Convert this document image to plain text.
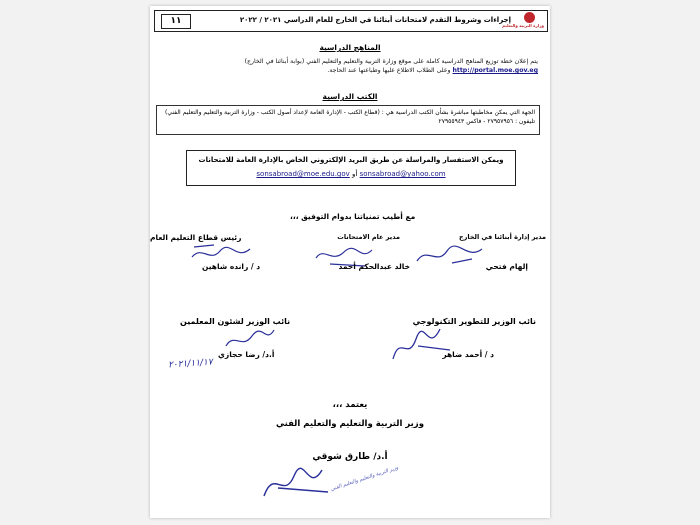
١١	إجراءات وشروط التقدم لامتحانات أبنائنا في الخارج للعام الدراسي ٢٠٢١ / ٢٠٢٢
وزارة التربية والتعليم
المناهج الدراسية
يتم إعلان خطة توزيع المناهج الدراسية كاملة على موقع وزارة التربية والتعليم والتعليم الفني (بوابة أبنائنا في الخارج) http://portal.moe.gov.eg وعلى الطلاب الاطلاع عليها وطباعتها عند الحاجة.
الكتب الدراسية
الجهة التي يمكن مخاطبتها مباشرة بشأن الكتب الدراسية هي : (قطاع الكتب - الإدارة العامة لإعداد أصول الكتب - وزارة التربية والتعليم والتعليم الفني) تليفون : ٢٧٩٥٧٩٥٦ - فاكس ٢٧٩٥٥٩٤٣
ويمكن الاستفسار والمراسلة عن طريق البريد الإلكتروني الخاص بالإدارة العامة للامتحانات
sonsabroad@yahoo.com أو sonsabroad@moe.edu.gov
مع أطيب تمنياتنا بدوام التوفيق ،،،
مدير إدارة أبنائنا في الخارج
مدير عام الامتحانات
رئيس قطاع التعليم العام
إلهام فتحي
خالد عبدالحكم أحمد
د / رانده شاهين
نائب الوزير للتطوير التكنولوجي
نائب الوزير لشئون المعلمين
د / أحمد ضاهر
أ.د/ رضا حجازي
٢٠٢١/١١/١٧
يعتمد ،،،
وزير التربية والتعليم والتعليم الفني
أ.د/ طارق شوقي
وزير التربية والتعليم والتعليم الفني
